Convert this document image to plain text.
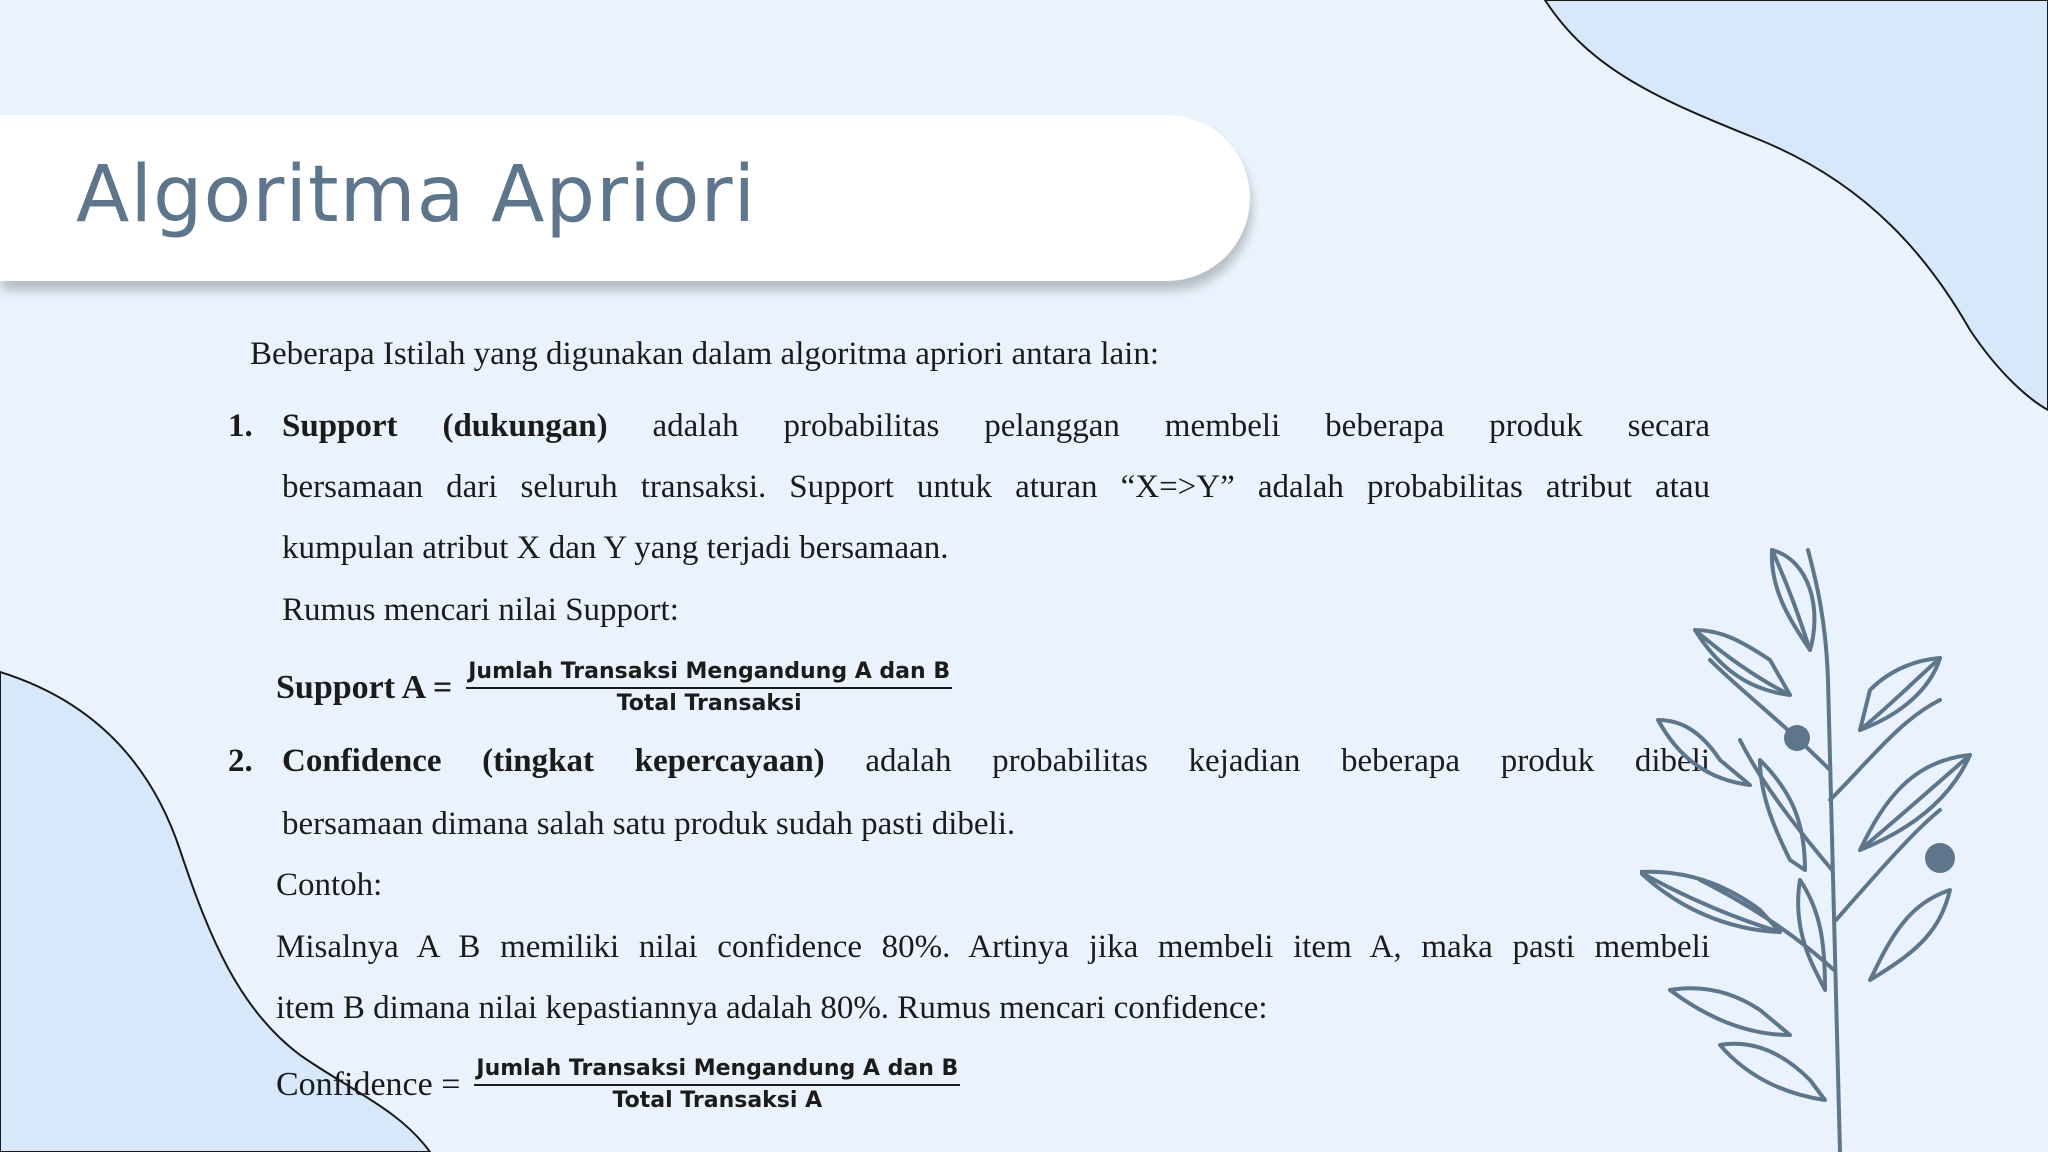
Algoritma Apriori
Beberapa Istilah yang digunakan dalam algoritma apriori antara lain:
1. Support (dukungan) adalah probabilitas pelanggan membeli beberapa produk secara
bersamaan dari seluruh transaksi. Support untuk aturan “X=>Y” adalah probabilitas atribut atau
kumpulan atribut X dan Y yang terjadi bersamaan.
Rumus mencari nilai Support:
Support $A = \frac{\text{Jumlah Transaksi Mengandung A dan B}}{\text{Total Transaksi}}$
2. Confidence (tingkat kepercayaan) adalah probabilitas kejadian beberapa produk dibeli
bersamaan dimana salah satu produk sudah pasti dibeli.
Contoh:
Misalnya A B memiliki nilai confidence 80%. Artinya jika membeli item A, maka pasti membeli
item B dimana nilai kepastiannya adalah 80%. Rumus mencari confidence:
Confidence = $\frac{\text{Jumlah Transaksi Mengandung A dan B}}{\text{Total Transaksi A}}$
